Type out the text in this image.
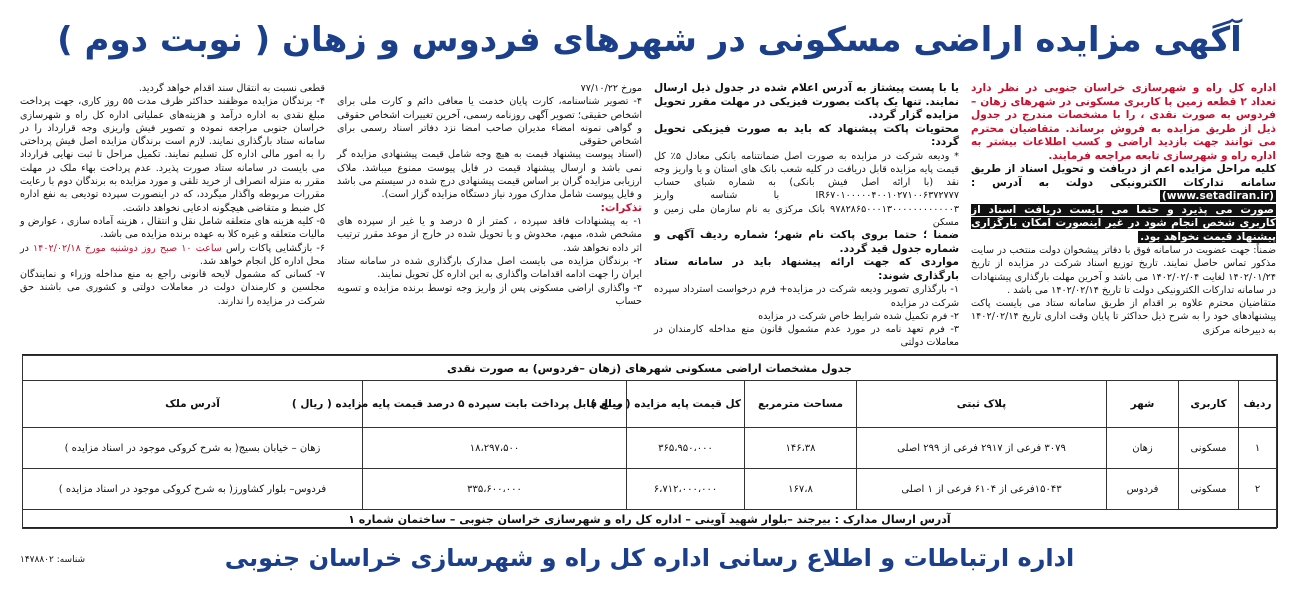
آگهی مزایده اراضی مسکونی در شهرهای فردوس و زهان ( نوبت دوم )

اداره کل راه و شهرسازی خراسان جنوبی در نظر دارد تعداد ۲ قطعه زمین با کاربری مسکونی در شهرهای زهان – فردوس به صورت نقدی ، را با مشخصات مندرج در جدول ذیل از طریق مزایده به فروش برساند. متقاضیان محترم می توانند جهت بازدید اراضی و کسب اطلاعات بیشتر به اداره راه و شهرسازی تابعه مراجعه فرمایند.

کلیه مراحل مزایده اعم از دریافت و تحویل اسناد از طریق سامانه تدارکات الکترونیکی دولت به آدرس : (www.setadiran.ir)

صورت می پذیرد و حتما می بایست دریافت اسناد از کاربری شخص انجام شود در غیر اینصورت امکان بارگزاری پیشنهاد قیمت نخواهد بود.

ضمناً: جهت عضویت در سامانه فوق با دفاتر پیشخوان دولت منتخب در سایت مذکور تماس حاصل نمایند. تاریخ توزیع اسناد شرکت در مزایده از تاریخ ۱۴۰۲/۰۱/۲۴ لغایت ۱۴۰۲/۰۲/۰۴ می باشد و آخرین مهلت بارگذاری پیشنهادات در سامانه تدارکات الکترونیکی دولت تا تاریخ ۱۴۰۲/۰۲/۱۴ می باشد .

متقاضیان محترم علاوه بر اقدام از طریق سامانه ستاد می بایست پاکت پیشنهادهای خود را به شرح ذیل حداکثر تا پایان وقت اداری تاریخ ۱۴۰۲/۰۲/۱۴ به دبیرخانه مرکزی

یا با پست پیشتاز به آدرس اعلام شده در جدول ذیل ارسال نمایند. تنها یک پاکت بصورت فیزیکی در مهلت مقرر تحویل مزایده گزار گردد.

محتویات پاکت پیشنهاد که باید به صورت فیزیکی تحویل گردد:

* ودیعه شرکت در مزایده به صورت اصل ضمانتنامه بانکی معادل ۵٪ کل قیمت پایه مزایده قابل دریافت در کلیه شعب بانک های استان و یا واریز وجه نقد (با ارائه اصل فیش بانکی) به شماره شبای حساب IR۶۷۰۱۰۰۰۰۰۴۰۰۱۰۲۷۱۰۰۶۳۷۲۷۷۷ با شناسه واریز ۹۷۸۲۸۶۵۰۰۰۱۳۰۰۰۰۰۰۰۰۰۰۰۰۳ بانک مرکزی به نام سازمان ملی زمین و مسکن

ضمنا ؛ حتما بروی پاکت نام شهر؛ شماره ردیف آگهی و شماره جدول قید گردد.

مواردی که جهت ارائه پیشنهاد باید در سامانه ستاد بارگذاری شوند:

۱- بارگذاری تصویر ودیعه شرکت در مزایده+ فرم درخواست استرداد سپرده شرکت در مزایده

۲- فرم تکمیل شده شرایط خاص شرکت در مزایده

۳- فرم تعهد نامه در مورد عدم مشمول قانون منع مداخله کارمندان در معاملات دولتی

مورخ ۷۷/۱۰/۲۲

۴- تصویر شناسنامه، کارت پایان خدمت یا معافی دائم و کارت ملی برای اشخاص حقیقی؛ تصویر آگهی روزنامه رسمی، آخرین تغییرات اشخاص حقوقی و گواهی نمونه امضاء مدیران صاحب امضا نزد دفاتر اسناد رسمی برای اشخاص حقوقی

(اسناد پیوست پیشنهاد قیمت به هیچ وجه شامل قیمت پیشنهادی مزایده گر نمی باشد و ارسال پیشنهاد قیمت در فایل پیوست ممنوع میباشد. ملاک ارزیابی مزایده گران بر اساس قیمت پیشنهادی درج شده در سیستم می باشد و فایل پیوست شامل مدارک مورد نیاز دستگاه مزایده گزار است).

تذکرات:

۱- به پیشنهادات فاقد سپرده ، کمتر از ۵ درصد و یا غیر از سپرده های مشخص شده، مبهم، مخدوش و یا تحویل شده در خارج از موعد مقرر ترتیب اثر داده نخواهد شد.

۲- برندگان مزایده می بایست اصل مدارک بارگذاری شده در سامانه ستاد ایران را جهت ادامه اقدامات واگذاری به این اداره کل تحویل نمایند.

۳- واگذاری اراضی مسکونی پس از واریز وجه توسط برنده مزایده و تسویه حساب

قطعی نسبت به انتقال سند اقدام خواهد گردید.

۴- برندگان مزایده موظفند حداکثر ظرف مدت ۵۵ روز کاری، جهت پرداخت مبلغ نقدی به اداره درآمد و هزینه‌های عملیاتی اداره کل راه و شهرسازی خراسان جنوبی مراجعه نموده و تصویر فیش واریزی وجه قرارداد را در سامانه ستاد بارگذاری نمایند. لازم است برندگان مزایده اصل فیش پرداختی را به امور مالی اداره کل تسلیم نمایند. تکمیل مراحل تا ثبت نهایی قرارداد می بایست در سامانه ستاد صورت پذیرد. عدم پرداخت بهاء ملک در مهلت مقرر به منزله انصراف از خرید تلقی و مورد مزایده به برندگان دوم با رعایت مقررات مربوطه واگذار میگردد، که در اینصورت سپرده تودیعی به نفع اداره کل ضبط و متقاضی هیچگونه ادعایی نخواهد داشت.

۵- کلیه هزینه های متعلقه شامل نقل و انتقال ، هزینه آماده سازی ، عوارض و مالیات متعلقه و غیره کلا به عهده برنده مزایده می باشد.

۶- بازگشایی پاکات راس ساعت ۱۰ صبح روز دوشنبه مورخ ۱۴۰۲/۰۲/۱۸ در محل اداره کل انجام خواهد شد.

۷- کسانی که مشمول لایحه قانونی راجع به منع مداخله وزراء و نمایندگان مجلسین و کارمندان دولت در معاملات دولتی و کشوری می باشند حق شرکت در مزایده را ندارند.

جدول مشخصات اراضی مسکونی شهرهای (زهان –فردوس) به صورت نقدی							
ردیف	کاربری	شهر	پلاک ثبتی	مساحت مترمربع	کل قیمت پایه مزایده ( ریال )	مبلغ قابل پرداخت بابت سپرده ۵ درصد قیمت پایه مزایده ( ریال )	آدرس ملک
۱	مسکونی	زهان	۳۰۷۹ فرعی از ۲۹۱۷ فرعی از ۲۹۹ اصلی	۱۴۶،۳۸	۳۶۵،۹۵۰،۰۰۰	۱۸،۲۹۷،۵۰۰	زهان – خیابان بسیج( به شرح کروکی موجود در اسناد مزایده )
۲	مسکونی	فردوس	۱۵۰۴۳فرعی از ۶۱۰۴ فرعی از ۱ اصلی	۱۶۷،۸	۶،۷۱۲،۰۰۰،۰۰۰	۳۳۵،۶۰۰،۰۰۰	فردوس– بلوار کشاورز( به شرح کروکی موجود در اسناد مزایده )
آدرس ارسال مدارک : بیرجند –بلوار شهید آوینی – اداره کل راه و شهرسازی خراسان جنوبی – ساختمان شماره ۱							
اداره ارتباطات و اطلاع رسانی اداره کل راه و شهرسازی خراسان جنوبی
شناسه: ۱۴۷۸۸۰۲
